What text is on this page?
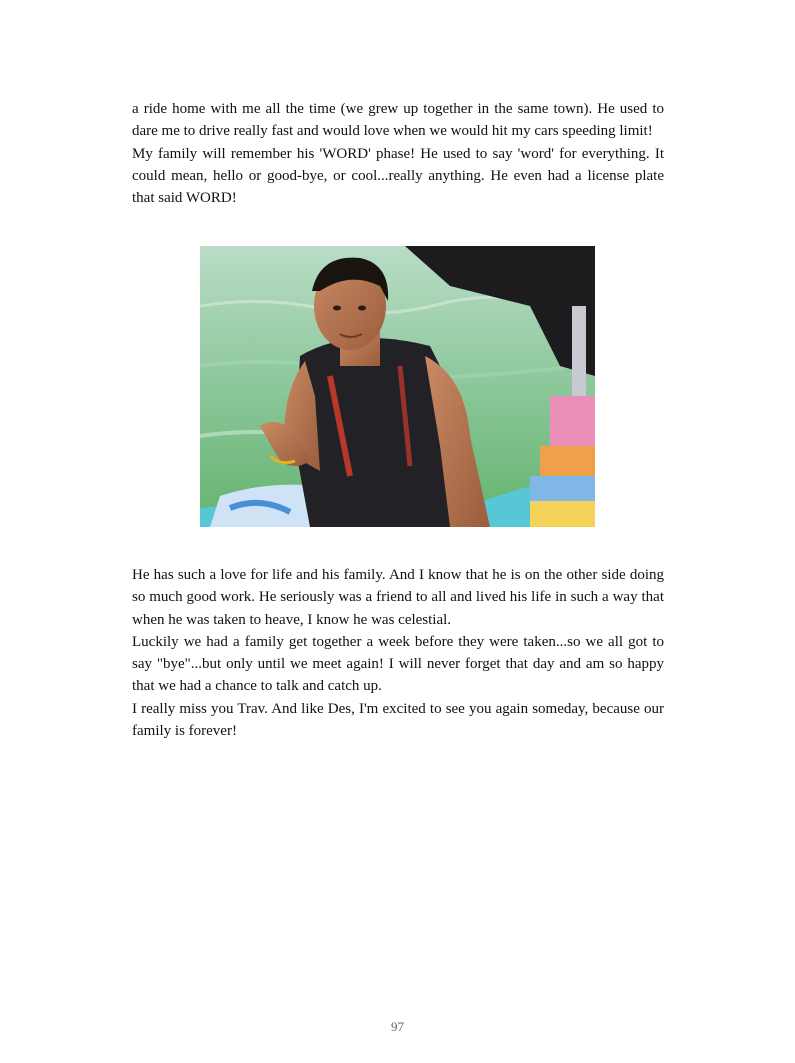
a ride home with me all the time (we grew up together in the same town). He used to dare me to drive really fast and would love when we would hit my cars speeding limit!

My family will remember his 'WORD' phase! He used to say 'word' for everything. It could mean, hello or good-bye, or cool...really anything. He even had a license plate that said WORD!

He has such a love for life and his family. And I know that he is on the other side doing so much good work. He seriously was a friend to all and lived his life in such a way that when he was taken to heave, I know he was celestial.

Luckily we had a family get together a week before they were taken...so we all got to say "bye"...but only until we meet again! I will never forget that day and am so happy that we had a chance to talk and catch up.

I really miss you Trav. And like Des, I'm excited to see you again someday, because our family is forever!

97
